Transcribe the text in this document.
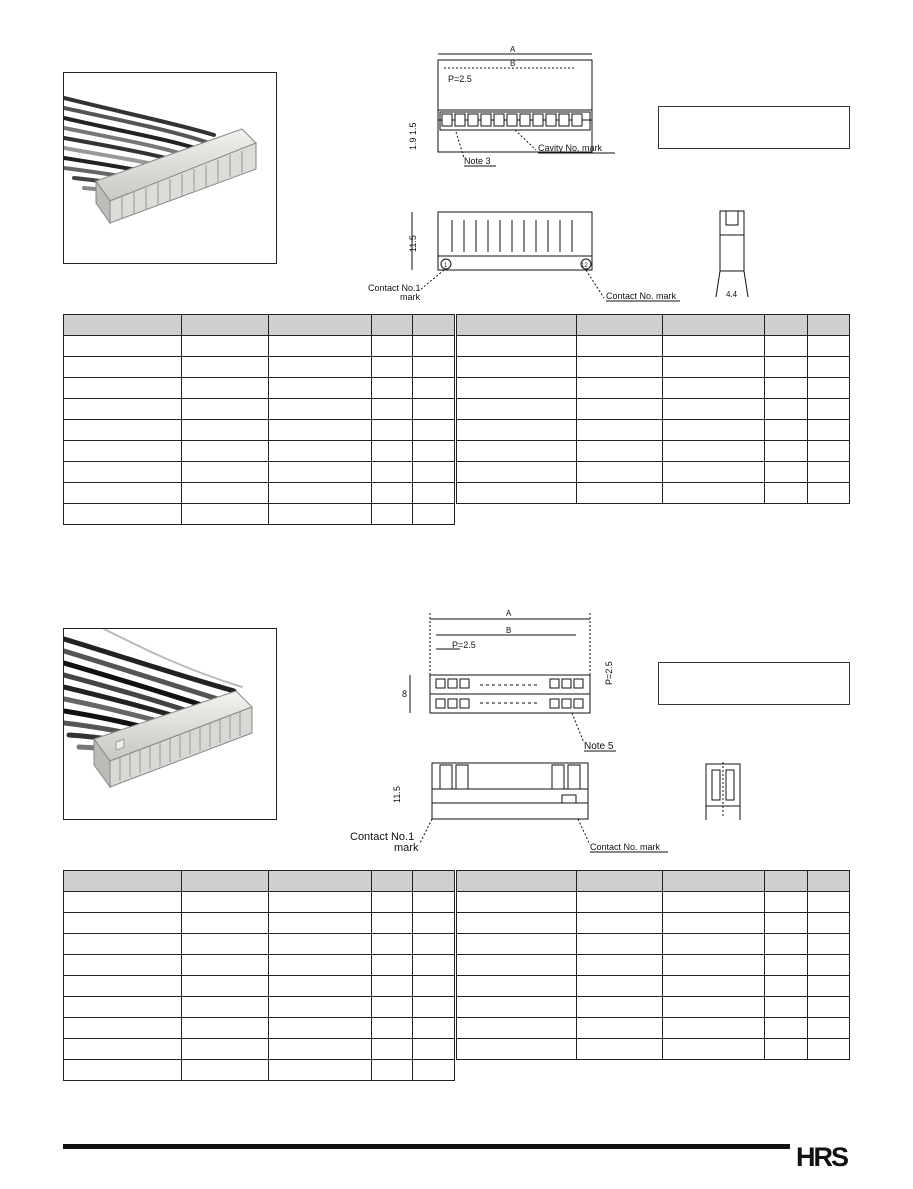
A
B
P=2.5
1.9 1.5
Note 3
Cavity No. mark
1	12
11.5
Contact No.1
mark	Contact No. mark	4.4

A
B
P=2.5
P=2.5
8
Note 5
11.5
Contact No.1
mark	Contact No. mark

HRS
